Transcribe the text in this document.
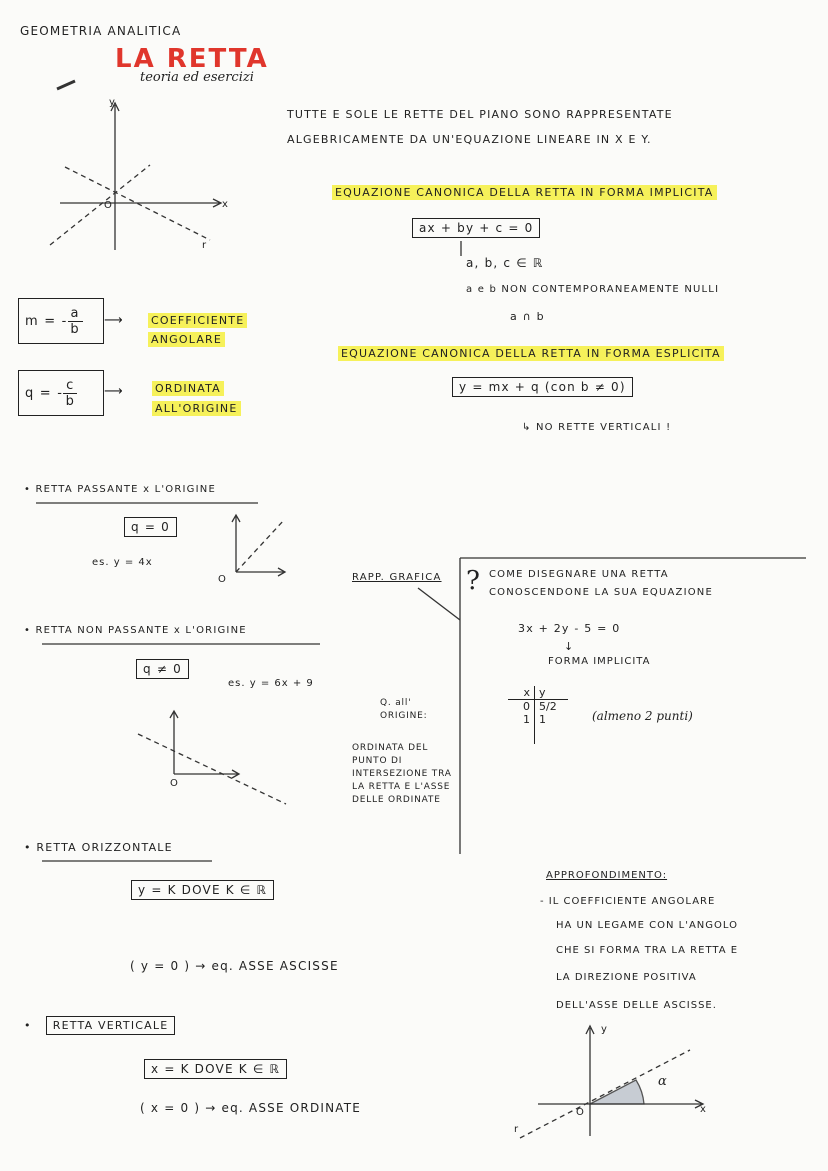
GEOMETRIA ANALITICA
LA RETTA
teoria ed esercizi
y
x
O
r
TUTTE E SOLE LE RETTE DEL PIANO SONO RAPPRESENTATE
ALGEBRICAMENTE DA UN'EQUAZIONE LINEARE IN X E Y.
EQUAZIONE CANONICA DELLA RETTA IN FORMA IMPLICITA
ax + by + c = 0
a, b, c ∈ ℝ
a e b NON CONTEMPORANEAMENTE NULLI
a ∩ b
m = - $\frac{a}{b}$ ⟶	COEFFICIENTE
ANGOLARE
q = - $\frac{c}{b}$ ⟶	ORDINATA
ALL'ORIGINE
EQUAZIONE CANONICA DELLA RETTA IN FORMA ESPLICITA
y = mx + q (con b ≠ 0)
↳ NO RETTE VERTICALI !
• RETTA PASSANTE x L'ORIGINE
q = 0
es. y = 4x
O
• RETTA NON PASSANTE x L'ORIGINE
q ≠ 0
es. y = 6x + 9
O
Q. all' ORIGINE:
ORDINATA DEL PUNTO DI INTERSEZIONE TRA LA RETTA E L'ASSE DELLE ORDINATE
• RETTA ORIZZONTALE
y = K DOVE K ∈ ℝ
( y = 0 ) → eq. ASSE ASCISSE
•   RETTA VERTICALE
x = K DOVE K ∈ ℝ
( x = 0 ) → eq. ASSE ORDINATE
RAPP. GRAFICA ? COME DISEGNARE UNA RETTA
CONOSCENDONE LA SUA EQUAZIONE
3x + 2y - 5 = 0
↓
FORMA IMPLICITA
x y
0 5/2
1 1	(almeno 2 punti)
APPROFONDIMENTO:
- IL COEFFICIENTE ANGOLARE
HA UN LEGAME CON L'ANGOLO
CHE SI FORMA TRA LA RETTA E
LA DIREZIONE POSITIVA
DELL'ASSE DELLE ASCISSE.
y
x
O
α
r
